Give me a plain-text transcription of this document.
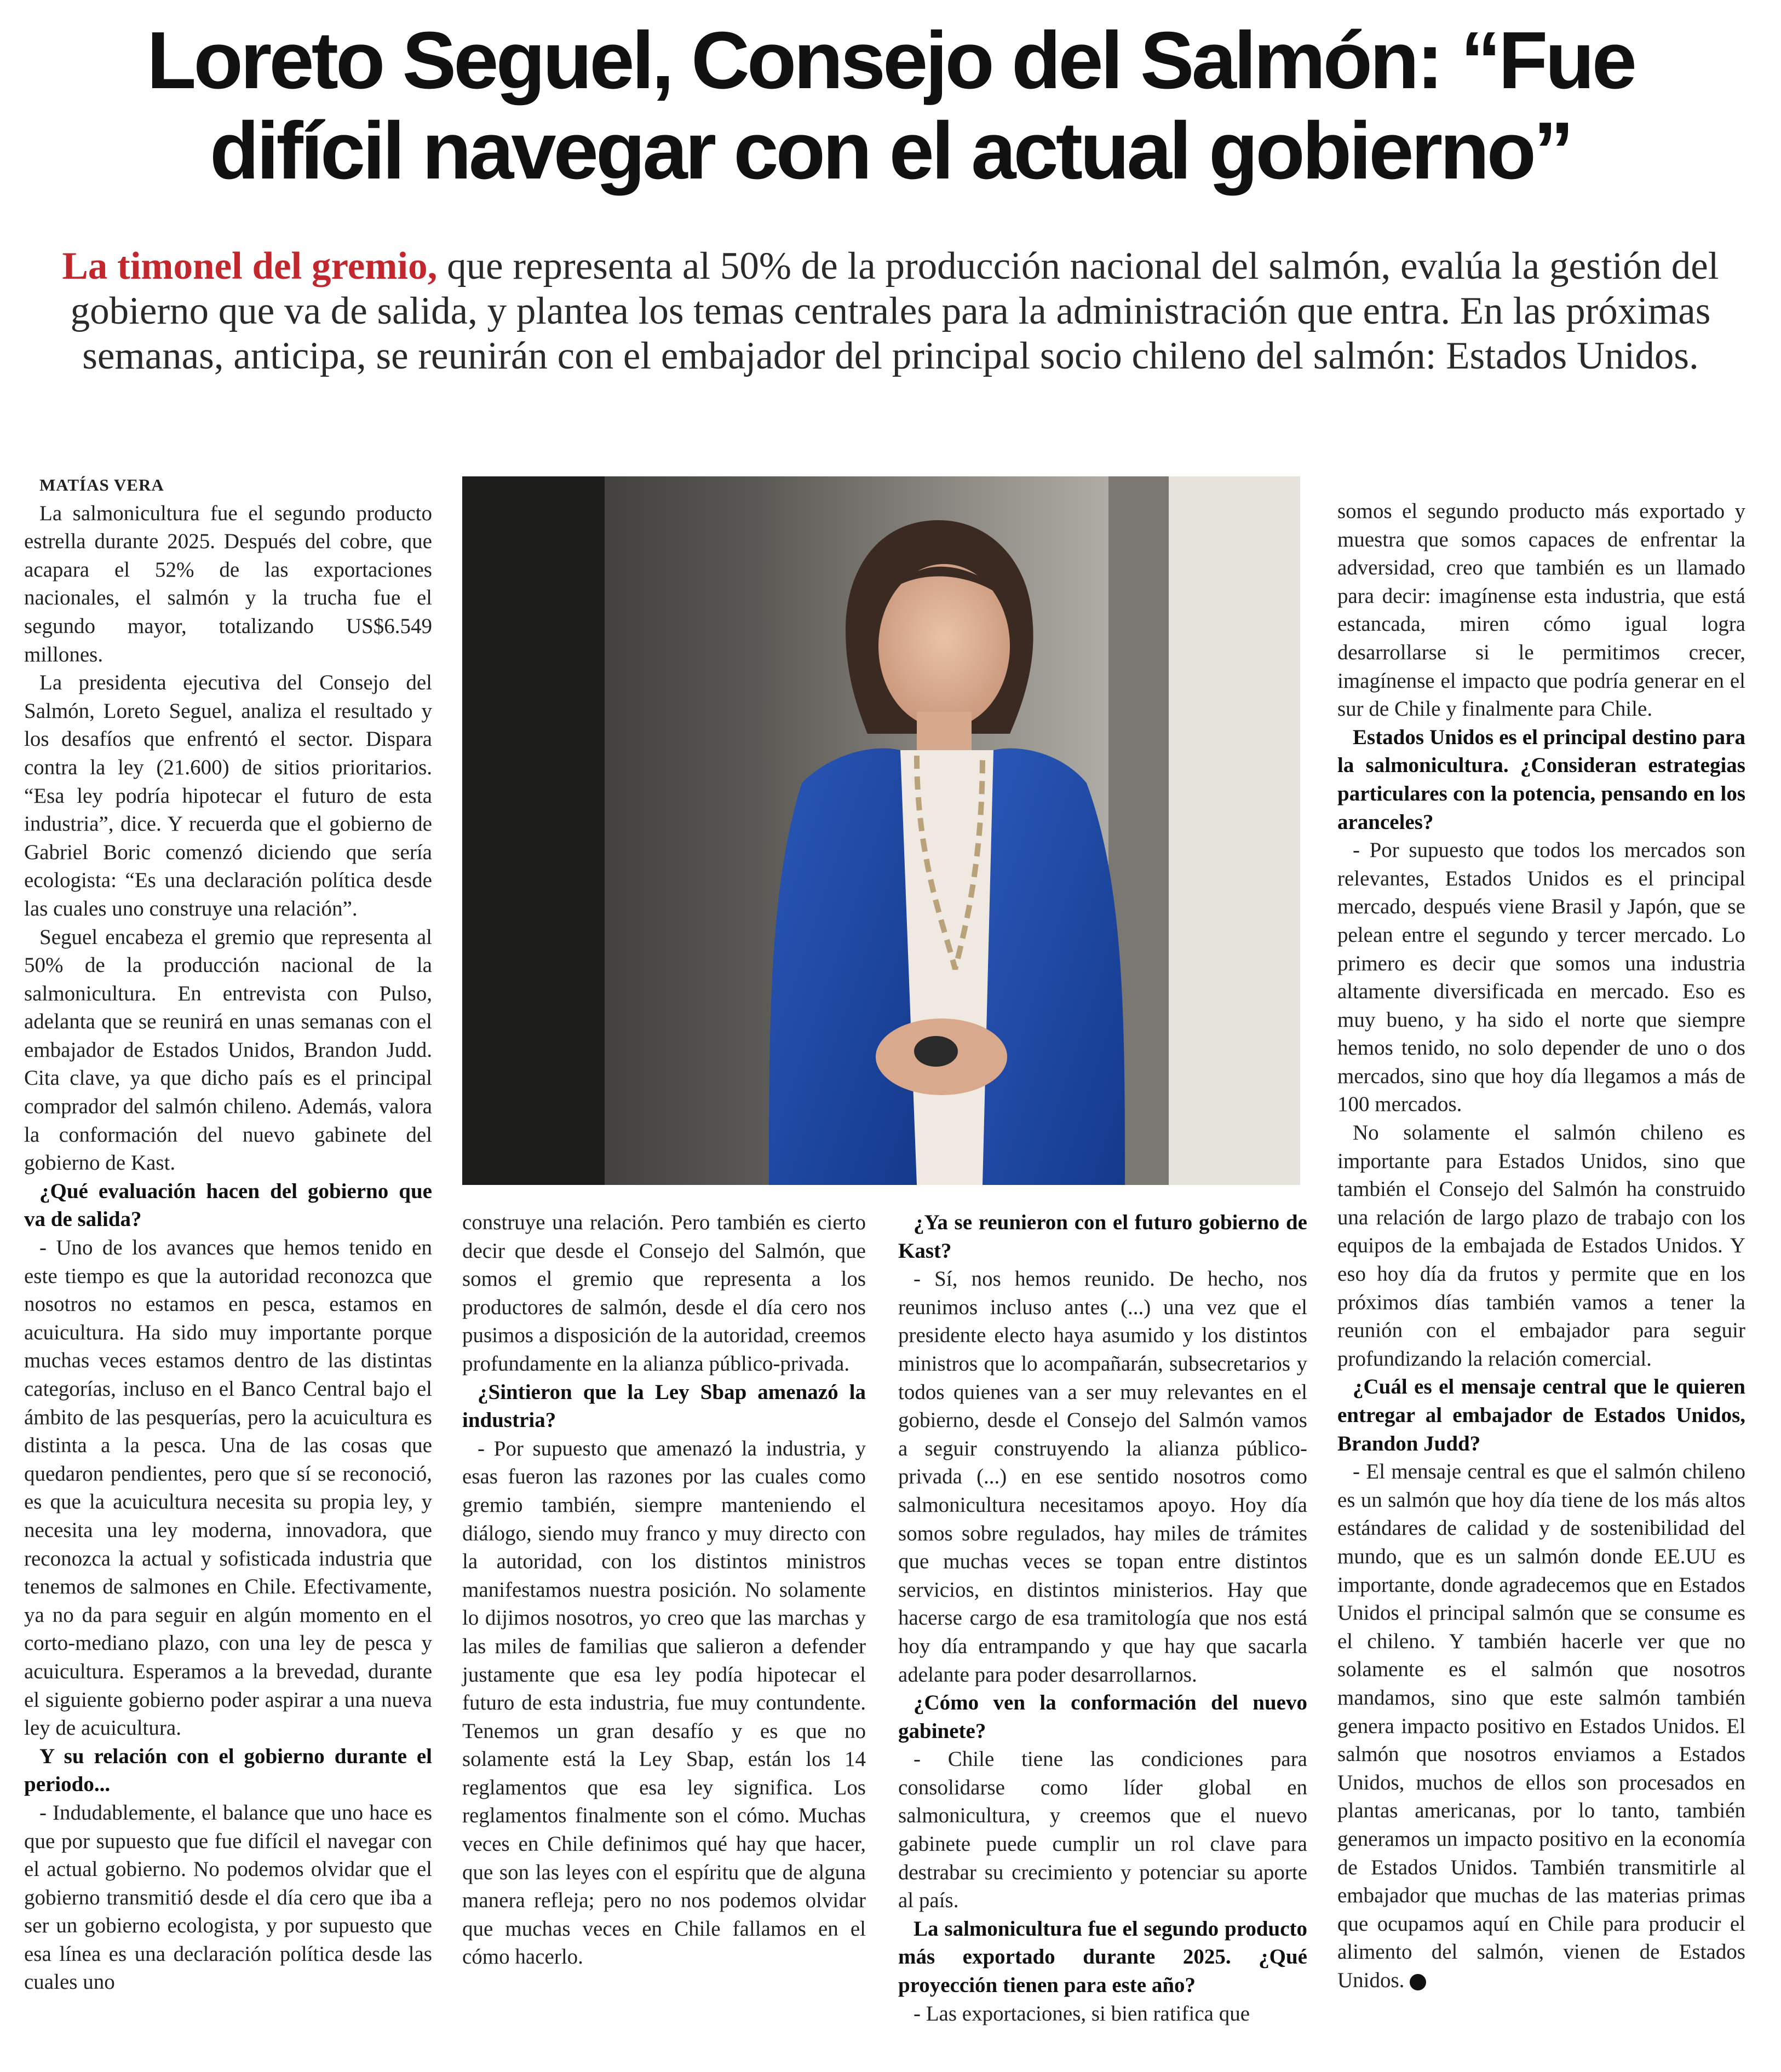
Loreto Seguel, Consejo del Salmón: “Fue difícil navegar con el actual gobierno”

La timonel del gremio, que representa al 50% de la producción nacional del salmón, evalúa la gestión del gobierno que va de salida, y plantea los temas centrales para la administración que entra. En las próximas semanas, anticipa, se reunirán con el embajador del principal socio chileno del salmón: Estados Unidos.

MATÍAS VERA

La salmonicultura fue el segundo producto estrella durante 2025. Después del cobre, que acapara el 52% de las exportaciones nacionales, el salmón y la trucha fue el segundo mayor, totalizando US$6.549 millones.

La presidenta ejecutiva del Consejo del Salmón, Loreto Seguel, analiza el resultado y los desafíos que enfrentó el sector. Dispara contra la ley (21.600) de sitios prioritarios. “Esa ley podría hipotecar el futuro de esta industria”, dice. Y recuerda que el gobierno de Gabriel Boric comenzó diciendo que sería ecologista: “Es una declaración política desde las cuales uno construye una relación”.

Seguel encabeza el gremio que representa al 50% de la producción nacional de la salmonicultura. En entrevista con Pulso, adelanta que se reunirá en unas semanas con el embajador de Estados Unidos, Brandon Judd. Cita clave, ya que dicho país es el principal comprador del salmón chileno. Además, valora la conformación del nuevo gabinete del gobierno de Kast.

¿Qué evaluación hacen del gobierno que va de salida?

- Uno de los avances que hemos tenido en este tiempo es que la autoridad reconozca que nosotros no estamos en pesca, estamos en acuicultura. Ha sido muy importante porque muchas veces estamos dentro de las distintas categorías, incluso en el Banco Central bajo el ámbito de las pesquerías, pero la acuicultura es distinta a la pesca. Una de las cosas que quedaron pendientes, pero que sí se reconoció, es que la acuicultura necesita su propia ley, y necesita una ley moderna, innovadora, que reconozca la actual y sofisticada industria que tenemos de salmones en Chile. Efectivamente, ya no da para seguir en algún momento en el corto-mediano plazo, con una ley de pesca y acuicultura. Esperamos a la brevedad, durante el siguiente gobierno poder aspirar a una nueva ley de acuicultura.

Y su relación con el gobierno durante el periodo...

- Indudablemente, el balance que uno hace es que por supuesto que fue difícil el navegar con el actual gobierno. No podemos olvidar que el gobierno transmitió desde el día cero que iba a ser un gobierno ecologista, y por supuesto que esa línea es una declaración política desde las cuales uno

construye una relación. Pero también es cierto decir que desde el Consejo del Salmón, que somos el gremio que representa a los productores de salmón, desde el día cero nos pusimos a disposición de la autoridad, creemos profundamente en la alianza público-privada.

¿Sintieron que la Ley Sbap amenazó la industria?

- Por supuesto que amenazó la industria, y esas fueron las razones por las cuales como gremio también, siempre manteniendo el diálogo, siendo muy franco y muy directo con la autoridad, con los distintos ministros manifestamos nuestra posición. No solamente lo dijimos nosotros, yo creo que las marchas y las miles de familias que salieron a defender justamente que esa ley podía hipotecar el futuro de esta industria, fue muy contundente. Tenemos un gran desafío y es que no solamente está la Ley Sbap, están los 14 reglamentos que esa ley significa. Los reglamentos finalmente son el cómo. Muchas veces en Chile definimos qué hay que hacer, que son las leyes con el espíritu que de alguna manera refleja; pero no nos podemos olvidar que muchas veces en Chile fallamos en el cómo hacerlo.

¿Ya se reunieron con el futuro gobierno de Kast?

- Sí, nos hemos reunido. De hecho, nos reunimos incluso antes (...) una vez que el presidente electo haya asumido y los distintos ministros que lo acompañarán, subsecretarios y todos quienes van a ser muy relevantes en el gobierno, desde el Consejo del Salmón vamos a seguir construyendo la alianza público-privada (...) en ese sentido nosotros como salmonicultura necesitamos apoyo. Hoy día somos sobre regulados, hay miles de trámites que muchas veces se topan entre distintos servicios, en distintos ministerios. Hay que hacerse cargo de esa tramitología que nos está hoy día entrampando y que hay que sacarla adelante para poder desarrollarnos.

¿Cómo ven la conformación del nuevo gabinete?

- Chile tiene las condiciones para consolidarse como líder global en salmonicultura, y creemos que el nuevo gabinete puede cumplir un rol clave para destrabar su crecimiento y potenciar su aporte al país.

La salmonicultura fue el segundo producto más exportado durante 2025. ¿Qué proyección tienen para este año?

- Las exportaciones, si bien ratifica que

somos el segundo producto más exportado y muestra que somos capaces de enfrentar la adversidad, creo que también es un llamado para decir: imagínense esta industria, que está estancada, miren cómo igual logra desarrollarse si le permitimos crecer, imagínense el impacto que podría generar en el sur de Chile y finalmente para Chile.

Estados Unidos es el principal destino para la salmonicultura. ¿Consideran estrategias particulares con la potencia, pensando en los aranceles?

- Por supuesto que todos los mercados son relevantes, Estados Unidos es el principal mercado, después viene Brasil y Japón, que se pelean entre el segundo y tercer mercado. Lo primero es decir que somos una industria altamente diversificada en mercado. Eso es muy bueno, y ha sido el norte que siempre hemos tenido, no solo depender de uno o dos mercados, sino que hoy día llegamos a más de 100 mercados.

No solamente el salmón chileno es importante para Estados Unidos, sino que también el Consejo del Salmón ha construido una relación de largo plazo de trabajo con los equipos de la embajada de Estados Unidos. Y eso hoy día da frutos y permite que en los próximos días también vamos a tener la reunión con el embajador para seguir profundizando la relación comercial.

¿Cuál es el mensaje central que le quieren entregar al embajador de Estados Unidos, Brandon Judd?

- El mensaje central es que el salmón chileno es un salmón que hoy día tiene de los más altos estándares de calidad y de sostenibilidad del mundo, que es un salmón donde EE.UU es importante, donde agradecemos que en Estados Unidos el principal salmón que se consume es el chileno. Y también hacerle ver que no solamente es el salmón que nosotros mandamos, sino que este salmón también genera impacto positivo en Estados Unidos. El salmón que nosotros enviamos a Estados Unidos, muchos de ellos son procesados en plantas americanas, por lo tanto, también generamos un impacto positivo en la economía de Estados Unidos. También transmitirle al embajador que muchas de las materias primas que ocupamos aquí en Chile para producir el alimento del salmón, vienen de Estados Unidos. P
